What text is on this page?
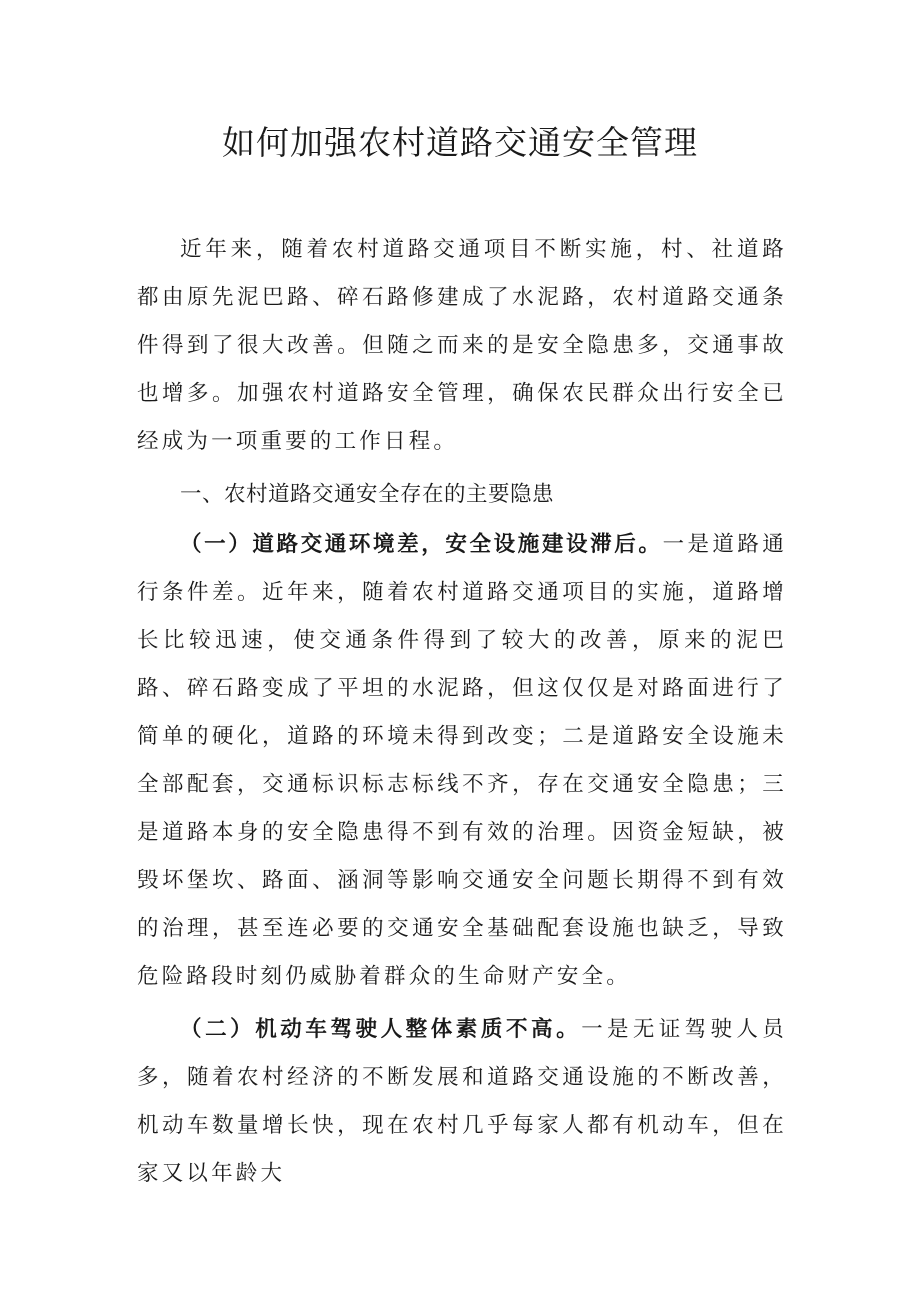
如何加强农村道路交通安全管理

近年来，随着农村道路交通项目不断实施，村、社道路都由原先泥巴路、碎石路修建成了水泥路，农村道路交通条件得到了很大改善。但随之而来的是安全隐患多，交通事故也增多。加强农村道路安全管理，确保农民群众出行安全已经成为一项重要的工作日程。

一、农村道路交通安全存在的主要隐患

（一）道路交通环境差，安全设施建设滞后。一是道路通行条件差。近年来，随着农村道路交通项目的实施，道路增长比较迅速，使交通条件得到了较大的改善，原来的泥巴路、碎石路变成了平坦的水泥路，但这仅仅是对路面进行了简单的硬化，道路的环境未得到改变；二是道路安全设施未全部配套，交通标识标志标线不齐，存在交通安全隐患；三是道路本身的安全隐患得不到有效的治理。因资金短缺，被毁坏堡坎、路面、涵洞等影响交通安全问题长期得不到有效的治理，甚至连必要的交通安全基础配套设施也缺乏，导致危险路段时刻仍威胁着群众的生命财产安全。

（二）机动车驾驶人整体素质不高。一是无证驾驶人员多，随着农村经济的不断发展和道路交通设施的不断改善，机动车数量增长快，现在农村几乎每家人都有机动车，但在家又以年龄大
